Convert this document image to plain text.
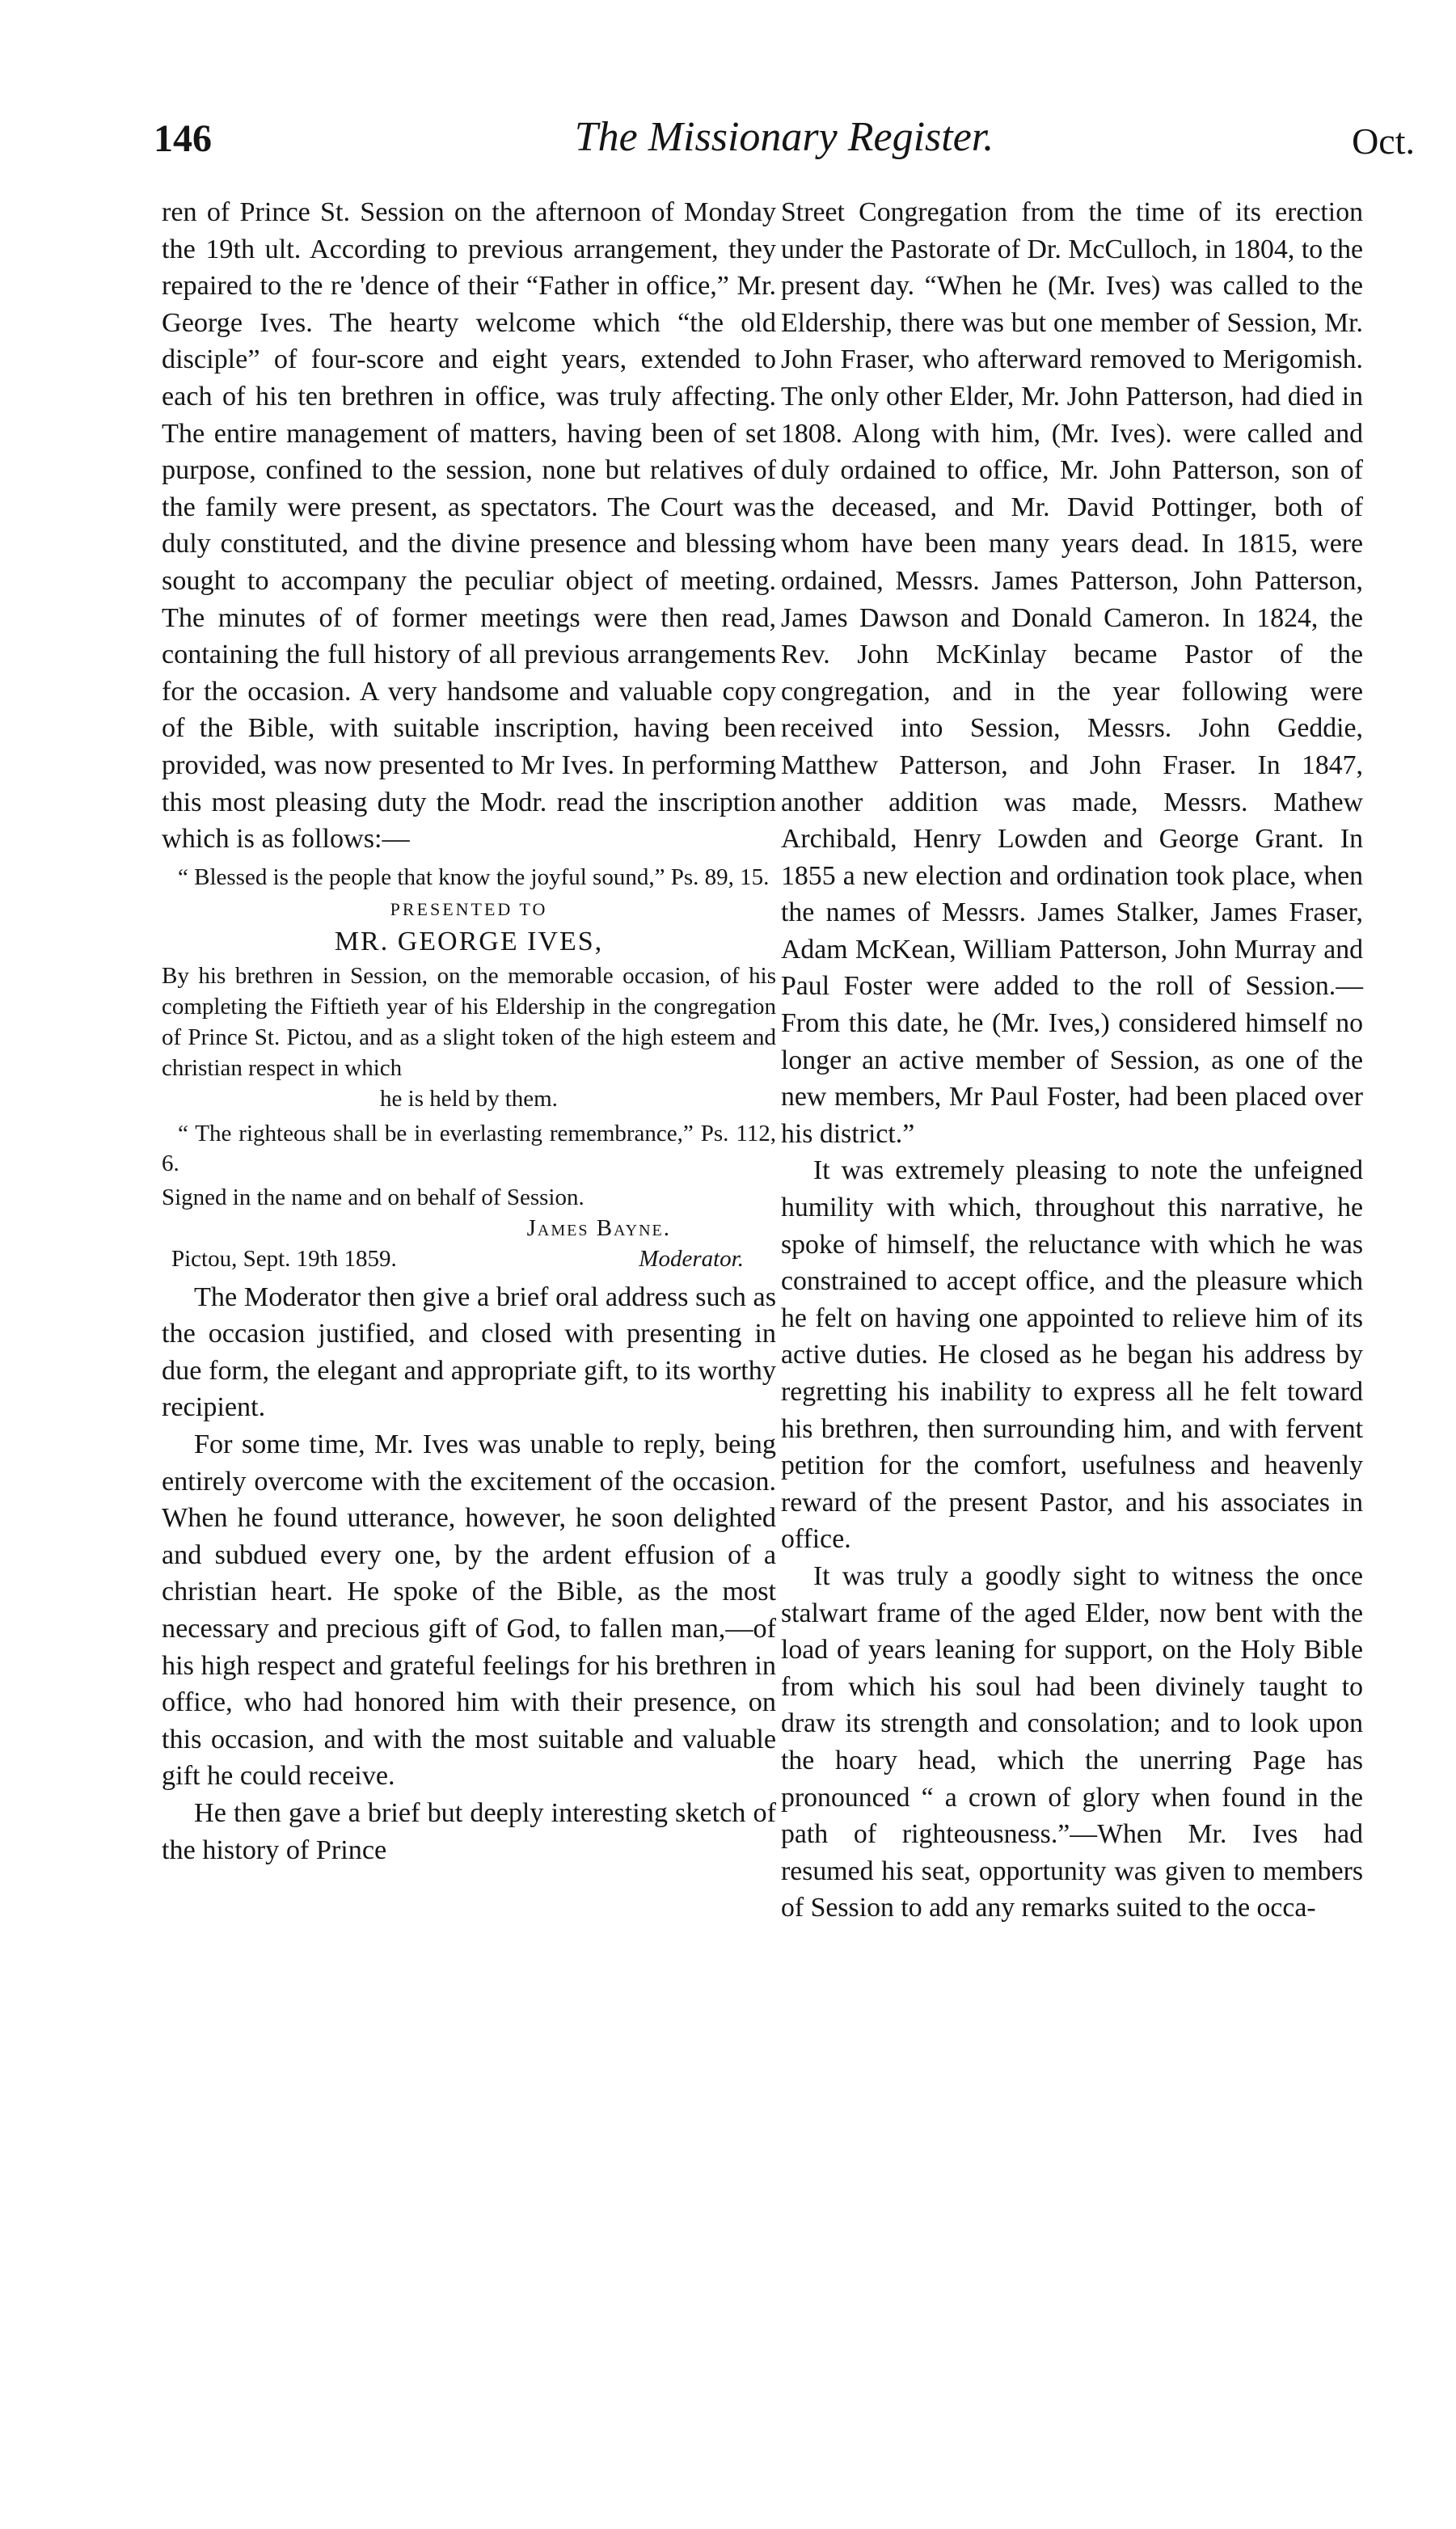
146	The Missionary Register.	Oct.

ren of Prince St. Session on the afternoon of Monday the 19th ult. According to previous arrangement, they repaired to the re 'dence of their “Father in office,” Mr. George Ives. The hearty welcome which “the old disciple” of four-score and eight years, extended to each of his ten brethren in office, was truly affecting. The entire management of matters, having been of set purpose, confined to the session, none but relatives of the family were present, as spectators. The Court was duly constituted, and the divine presence and blessing sought to accompany the peculiar object of meeting. The minutes of of former meetings were then read, containing the full history of all previous arrangements for the occasion. A very handsome and valuable copy of the Bible, with suitable inscription, having been provided, was now presented to Mr Ives. In performing this most pleasing duty the Modr. read the inscription which is as follows:—

“ Blessed is the people that know the joyful sound,” Ps. 89, 15.

PRESENTED TO

MR. GEORGE IVES,

By his brethren in Session, on the memorable occasion, of his completing the Fiftieth year of his Eldership in the congregation of Prince St. Pictou, and as a slight token of the high esteem and christian respect in which

he is held by them.

“ The righteous shall be in everlasting remembrance,” Ps. 112, 6.

Signed in the name and on behalf of Session.

James Bayne.

Pictou, Sept. 19th 1859.	Moderator.

The Moderator then give a brief oral address such as the occasion justified, and closed with presenting in due form, the elegant and appropriate gift, to its worthy recipient.

For some time, Mr. Ives was unable to reply, being entirely overcome with the excitement of the occasion. When he found utterance, however, he soon delighted and subdued every one, by the ardent effusion of a christian heart. He spoke of the Bible, as the most necessary and precious gift of God, to fallen man,—of his high respect and grateful feelings for his brethren in office, who had honored him with their presence, on this occasion, and with the most suitable and valuable gift he could receive.

He then gave a brief but deeply interesting sketch of the history of Prince

Street Congregation from the time of its erection under the Pastorate of Dr. McCulloch, in 1804, to the present day. “When he (Mr. Ives) was called to the Eldership, there was but one member of Session, Mr. John Fraser, who afterward removed to Merigomish. The only other Elder, Mr. John Patterson, had died in 1808. Along with him, (Mr. Ives). were called and duly ordained to office, Mr. John Patterson, son of the deceased, and Mr. David Pottinger, both of whom have been many years dead. In 1815, were ordained, Messrs. James Patterson, John Patterson, James Dawson and Donald Cameron. In 1824, the Rev. John McKinlay became Pastor of the congregation, and in the year following were received into Session, Messrs. John Geddie, Matthew Patterson, and John Fraser. In 1847, another addition was made, Messrs. Mathew Archibald, Henry Lowden and George Grant. In 1855 a new election and ordination took place, when the names of Messrs. James Stalker, James Fraser, Adam McKean, William Patterson, John Murray and Paul Foster were added to the roll of Session.— From this date, he (Mr. Ives,) considered himself no longer an active member of Session, as one of the new members, Mr Paul Foster, had been placed over his district.”

It was extremely pleasing to note the unfeigned humility with which, throughout this narrative, he spoke of himself, the reluctance with which he was constrained to accept office, and the pleasure which he felt on having one appointed to relieve him of its active duties. He closed as he began his address by regretting his inability to express all he felt toward his brethren, then surrounding him, and with fervent petition for the comfort, usefulness and heavenly reward of the present Pastor, and his associates in office.

It was truly a goodly sight to witness the once stalwart frame of the aged Elder, now bent with the load of years leaning for support, on the Holy Bible from which his soul had been divinely taught to draw its strength and consolation; and to look upon the hoary head, which the unerring Page has pronounced “ a crown of glory when found in the path of righteousness.”—When Mr. Ives had resumed his seat, opportunity was given to members of Session to add any remarks suited to the occa-
